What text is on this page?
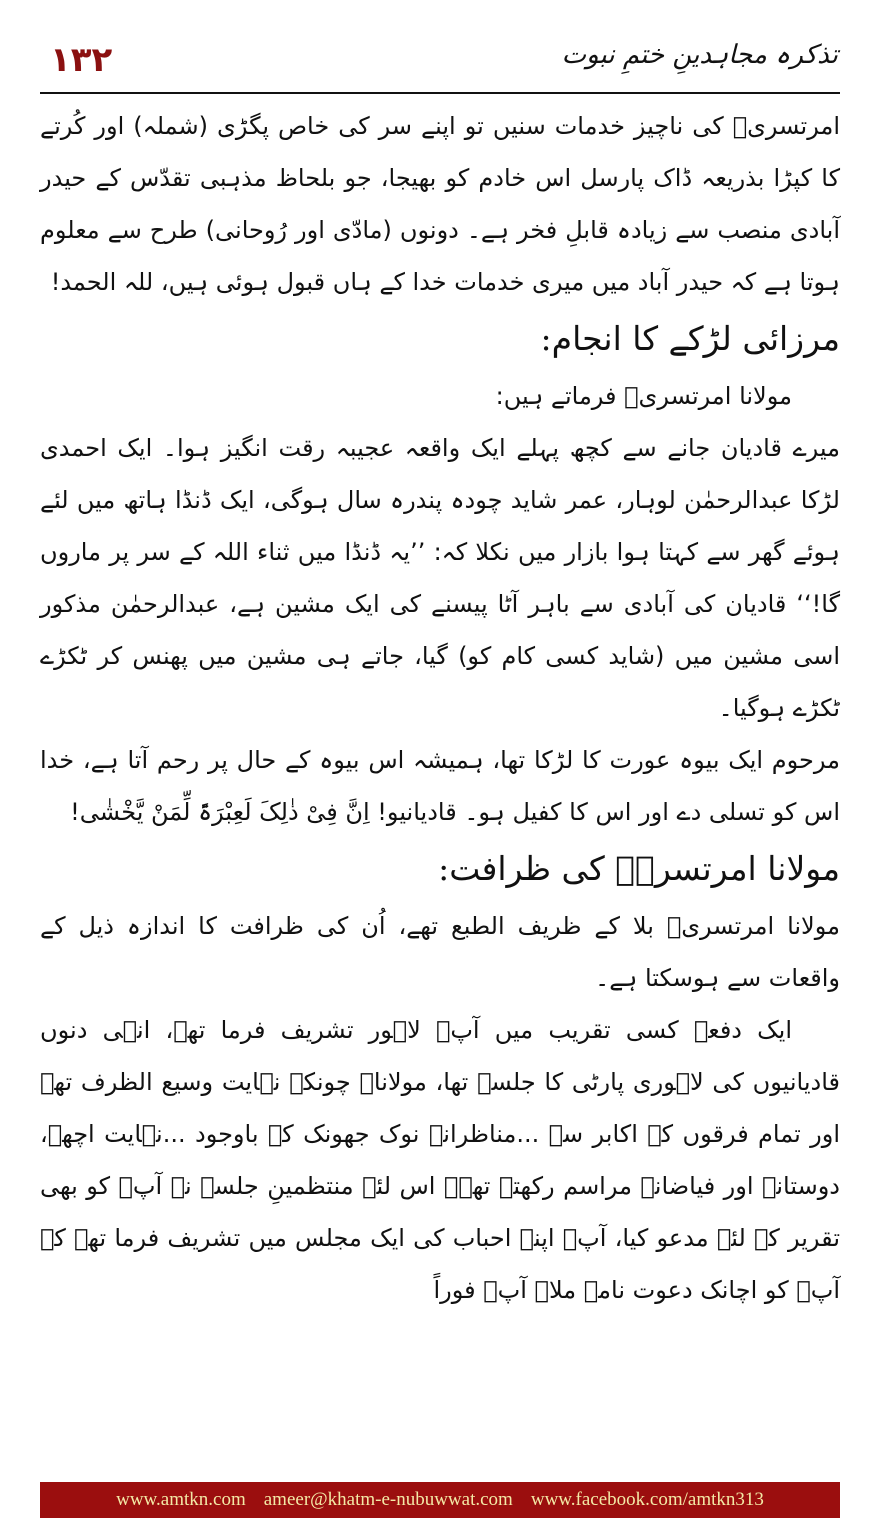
۱۳۲	تذکرہ مجاہدینِ ختمِ نبوت

امرتسریؒ کی ناچیز خدمات سنیں تو اپنے سر کی خاص پگڑی (شملہ) اور کُرتے کا کپڑا بذریعہ ڈاک پارسل اس خادم کو بھیجا، جو بلحاظ مذہبی تقدّس کے حیدر آبادی منصب سے زیادہ قابلِ فخر ہے۔ دونوں (مادّی اور رُوحانی) طرح سے معلوم ہوتا ہے کہ حیدر آباد میں میری خدمات خدا کے ہاں قبول ہوئی ہیں، للہ الحمد!

مرزائی لڑکے کا انجام:

مولانا امرتسریؒ فرماتے ہیں:

میرے قادیان جانے سے کچھ پہلے ایک واقعہ عجیبہ رقت انگیز ہوا۔ ایک احمدی لڑکا عبدالرحمٰن لوہار، عمر شاید چودہ پندرہ سال ہوگی، ایک ڈنڈا ہاتھ میں لئے ہوئے گھر سے کہتا ہوا بازار میں نکلا کہ: ’’یہ ڈنڈا میں ثناء اللہ کے سر پر ماروں گا!‘‘ قادیان کی آبادی سے باہر آٹا پیسنے کی ایک مشین ہے، عبدالرحمٰن مذکور اسی مشین میں (شاید کسی کام کو) گیا، جاتے ہی مشین میں پھنس کر ٹکڑے ٹکڑے ہوگیا۔

مرحوم ایک بیوہ عورت کا لڑکا تھا، ہمیشہ اس بیوہ کے حال پر رحم آتا ہے، خدا اس کو تسلی دے اور اس کا کفیل ہو۔ قادیانیو! اِنَّ فِیْ ذٰلِکَ لَعِبْرَۃً لِّمَنْ یَّخْشٰی!

مولانا امرتسریؒ کی ظرافت:

مولانا امرتسریؒ بلا کے ظریف الطبع تھے، اُن کی ظرافت کا اندازہ ذیل کے واقعات سے ہوسکتا ہے۔

ایک دفعہ کسی تقریب میں آپؒ لاہور تشریف فرما تھے، انہی دنوں قادیانیوں کی لاہوری پارٹی کا جلسہ تھا، مولاناؒ چونکہ نہایت وسیع الظرف تھے اور تمام فرقوں کے اکابر سے ...مناظرانہ نوک جھونک کے باوجود ...نہایت اچھے، دوستانہ اور فیاضانہ مراسم رکھتے تھے۔ اس لئے منتظمینِ جلسہ نے آپؒ کو بھی تقریر کے لئے مدعو کیا، آپؒ اپنے احباب کی ایک مجلس میں تشریف فرما تھے کہ آپؒ کو اچانک دعوت نامہ ملا۔ آپؒ فوراً

www.amtkn.com ameer@khatm-e-nubuwwat.com www.facebook.com/amtkn313
